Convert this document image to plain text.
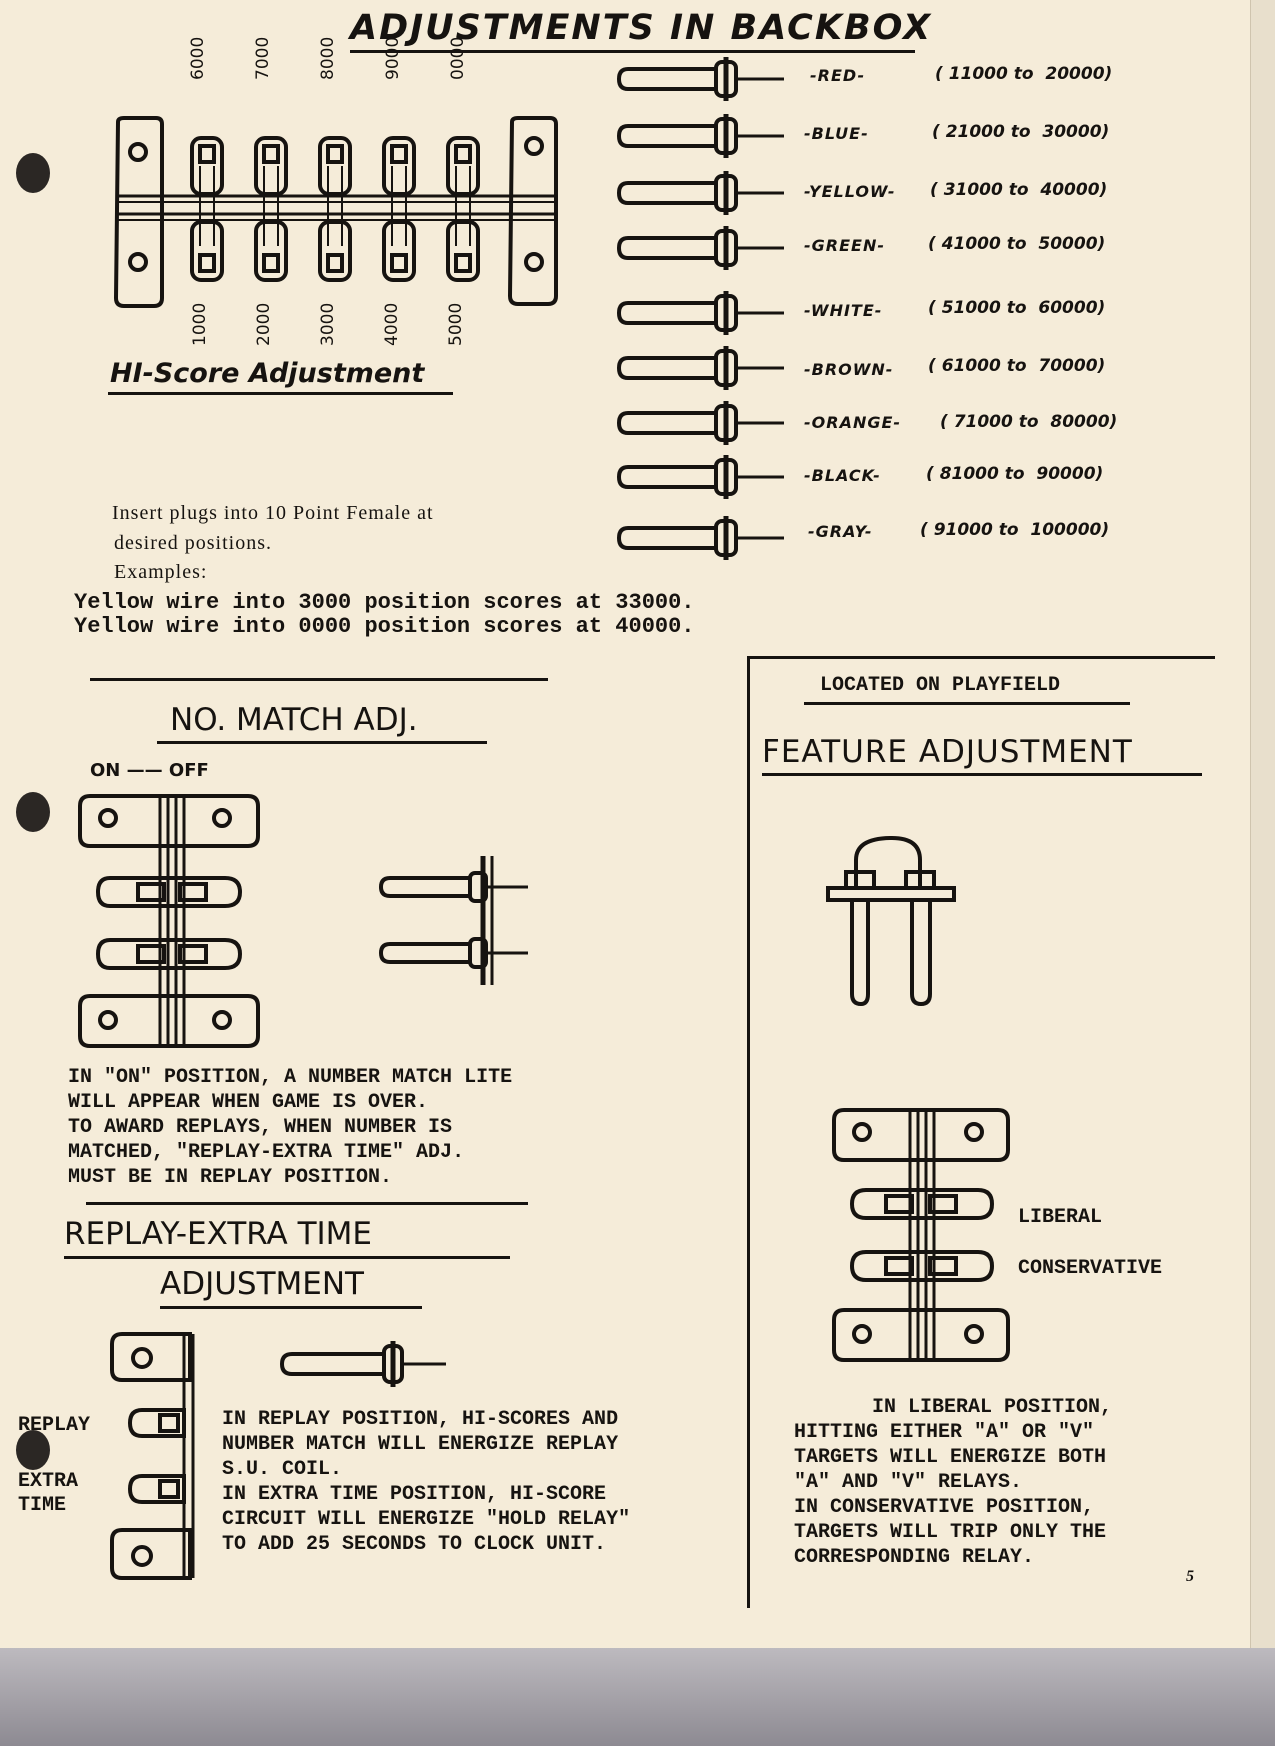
ADJUSTMENTS IN BACKBOX
6000	7000	8000	9000	0000
1000	2000	3000	4000	5000
HI-Score Adjustment
-RED-	( 11000 to  20000)
-BLUE-	( 21000 to  30000)
-YELLOW- ( 31000 to  40000)
-GREEN-	( 41000 to  50000)
-WHITE-	( 51000 to  60000)
-BROWN- ( 61000 to  70000)
-ORANGE- ( 71000 to  80000)
-BLACK-	( 81000 to  90000)
-GRAY-	( 91000 to  100000)
Insert plugs into 10 Point Female at
desired positions.
Examples:
Yellow wire into 3000 position scores at 33000.
Yellow wire into 0000 position scores at 40000.
NO. MATCH ADJ.
ON —— OFF
IN "ON" POSITION, A NUMBER MATCH LITE
WILL APPEAR WHEN GAME IS OVER.
TO AWARD REPLAYS, WHEN NUMBER IS
MATCHED, "REPLAY-EXTRA TIME" ADJ.
MUST BE IN REPLAY POSITION.
REPLAY-EXTRA TIME
ADJUSTMENT
REPLAY
EXTRA
TIME
IN REPLAY POSITION, HI-SCORES AND
NUMBER MATCH WILL ENERGIZE REPLAY
S.U. COIL.
IN EXTRA TIME POSITION, HI-SCORE
CIRCUIT WILL ENERGIZE "HOLD RELAY"
TO ADD 25 SECONDS TO CLOCK UNIT.
LOCATED ON PLAYFIELD
FEATURE ADJUSTMENT
LIBERAL
CONSERVATIVE
IN LIBERAL POSITION,
HITTING EITHER "A" OR "V"
TARGETS WILL ENERGIZE BOTH
"A" AND "V" RELAYS.
IN CONSERVATIVE POSITION,
TARGETS WILL TRIP ONLY THE
CORRESPONDING RELAY.
5
